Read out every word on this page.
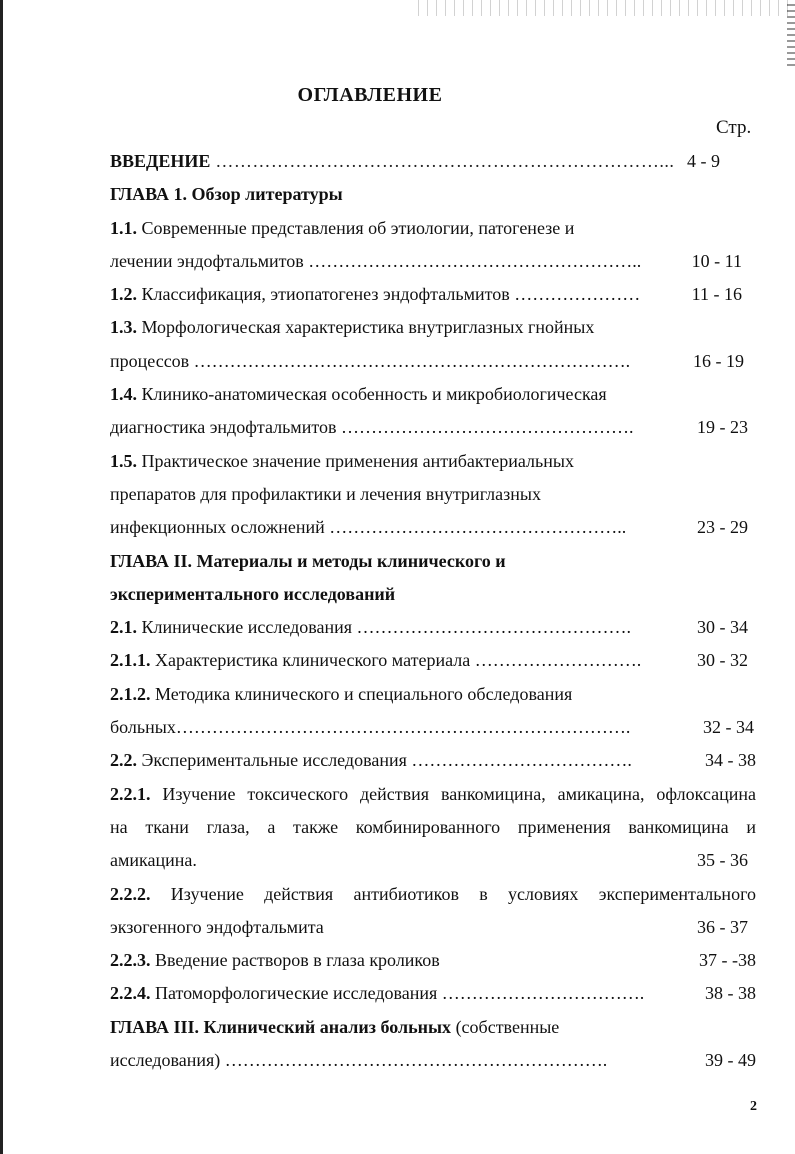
ОГЛАВЛЕНИЕ
Стр.
ВВЕДЕНИЕ ………………………………………………………………... 4 - 9
ГЛАВА 1. Обзор литературы
1.1. Современные представления об этиологии, патогенезе и
лечении эндофтальмитов ………………………………………………..	10 - 11
1.2. Классификация, этиопатогенез эндофтальмитов …………………	11 - 16
1.3. Морфологическая характеристика внутриглазных гнойных
процессов ……………………………………………………………….	16 - 19
1.4. Клинико-анатомическая особенность и микробиологическая
диагностика эндофтальмитов ………………………………………….	19 - 23
1.5. Практическое значение применения антибактериальных
препаратов для профилактики и лечения внутриглазных
инфекционных осложнений …………………………………………..	23 - 29
ГЛАВА II. Материалы и методы клинического и
экспериментального исследований
2.1. Клинические исследования ……………………………………….	30 - 34
2.1.1. Характеристика клинического материала ……………………….	30 - 32
2.1.2. Методика клинического и специального обследования
больных………………………………………………………………….	32 - 34
2.2. Экспериментальные исследования ……………………………….	34 - 38
2.2.1. Изучение токсического действия ванкомицина, амикацина, офлоксацина
на ткани глаза, а также комбинированного применения ванкомицина и
амикацина.	35 - 36
2.2.2. Изучение действия антибиотиков в условиях экспериментального
экзогенного эндофтальмита	36 - 37
2.2.3. Введение растворов в глаза кроликов	37 - -38
2.2.4. Патоморфологические исследования …………………………….	38 - 38
ГЛАВА III. Клинический анализ больных (собственные
исследования) ……………………………………………………….	39 - 49
2
